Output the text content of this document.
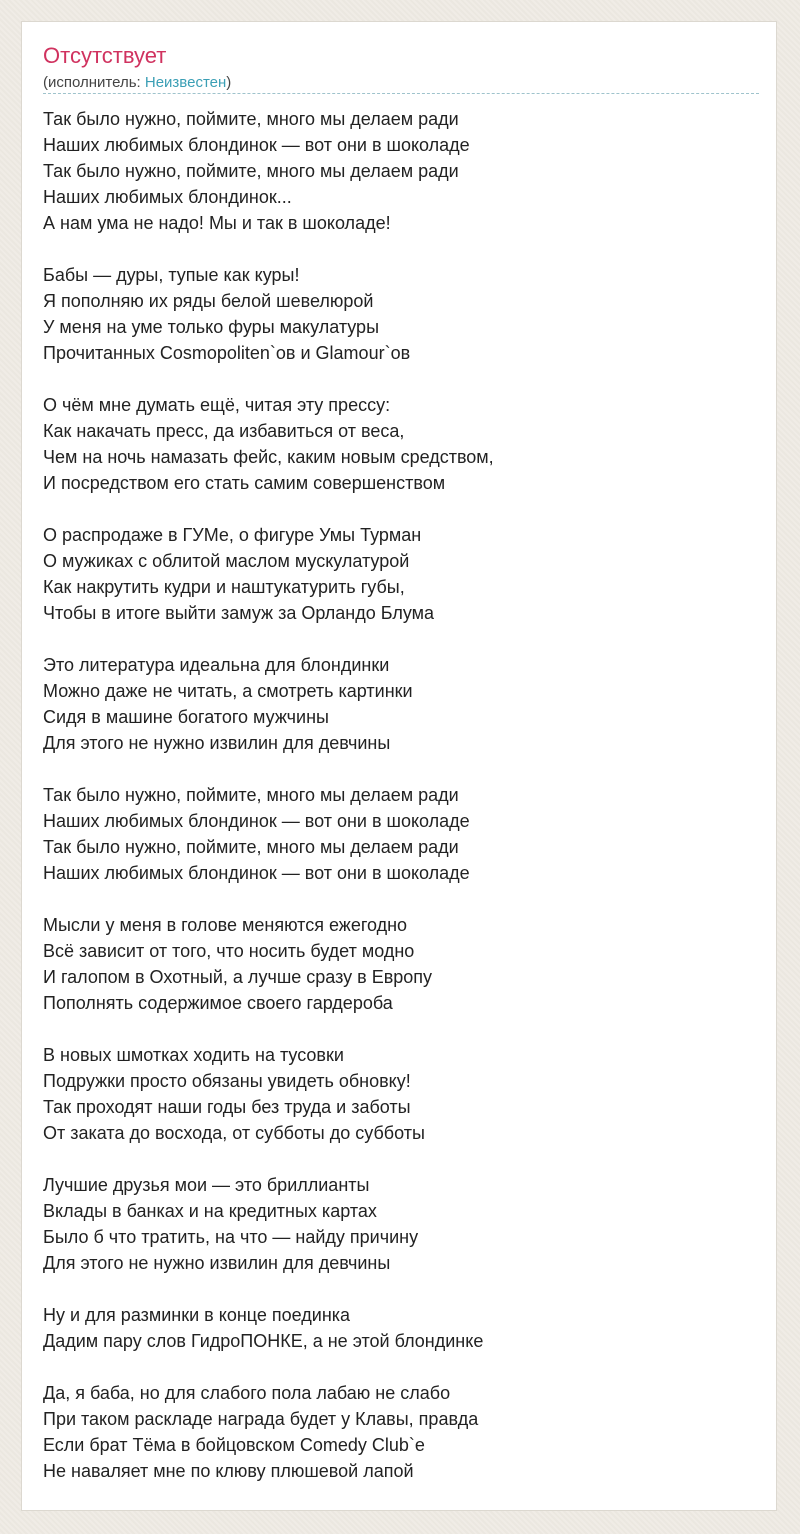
Отсутствует
(исполнитель: Неизвестен)
Так было нужно, поймите, много мы делаем ради
Наших любимых блондинок — вот они в шоколаде
Так было нужно, поймите, много мы делаем ради
Наших любимых блондинок...
А нам ума не надо! Мы и так в шоколаде!
Бабы — дуры, тупые как куры!
Я пополняю их ряды белой шевелюрой
У меня на уме только фуры макулатуры
Прочитанных Cosmopoliten`ов и Glamour`ов
О чём мне думать ещё, читая эту прессу:
Как накачать пресс, да избавиться от веса,
Чем на ночь намазать фейс, каким новым средством,
И посредством его стать самим совершенством
О распродаже в ГУМе, о фигуре Умы Турман
О мужиках с облитой маслом мускулатурой
Как накрутить кудри и наштукатурить губы,
Чтобы в итоге выйти замуж за Орландо Блума
Это литература идеальна для блондинки
Можно даже не читать, а смотреть картинки
Сидя в машине богатого мужчины
Для этого не нужно извилин для девчины
Так было нужно, поймите, много мы делаем ради
Наших любимых блондинок — вот они в шоколаде
Так было нужно, поймите, много мы делаем ради
Наших любимых блондинок — вот они в шоколаде
Мысли у меня в голове меняются ежегодно
Всё зависит от того, что носить будет модно
И галопом в Охотный, а лучше сразу в Европу
Пополнять содержимое своего гардероба
В новых шмотках ходить на тусовки
Подружки просто обязаны увидеть обновку!
Так проходят наши годы без труда и заботы
От заката до восхода, от субботы до субботы
Лучшие друзья мои — это бриллианты
Вклады в банках и на кредитных картах
Было б что тратить, на что — найду причину
Для этого не нужно извилин для девчины
Ну и для разминки в конце поединка
Дадим пару слов ГидроПОНКЕ, а не этой блондинке
Да, я баба, но для слабого пола лабаю не слабо
При таком раскладе награда будет у Клавы, правда
Если брат Тёма в бойцовском Comedy Club`е
Не наваляет мне по клюву плюшевой лапой
